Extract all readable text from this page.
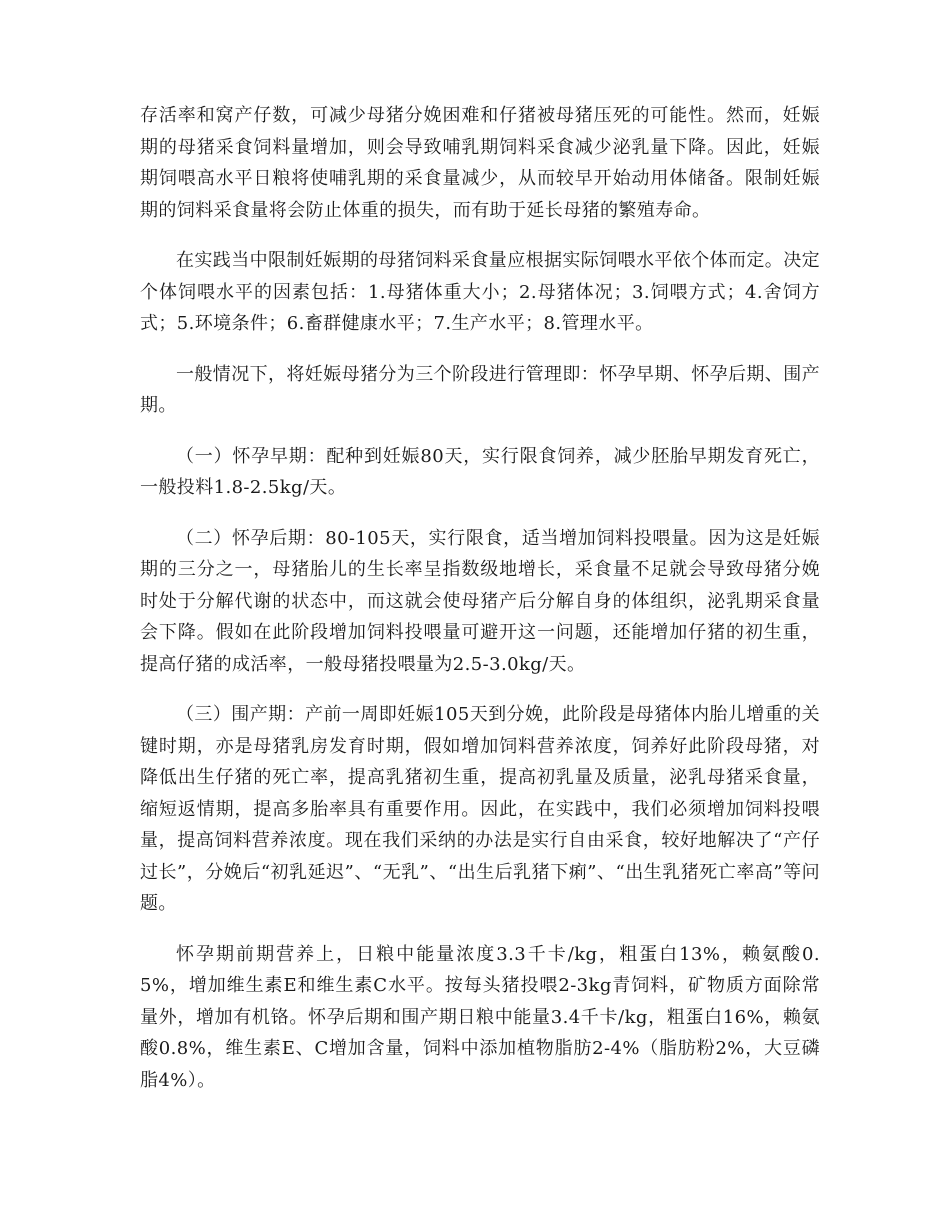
存活率和窝产仔数，可减少母猪分娩困难和仔猪被母猪压死的可能性。然而，妊娠期的母猪采食饲料量增加，则会导致哺乳期饲料采食减少泌乳量下降。因此，妊娠期饲喂高水平日粮将使哺乳期的采食量减少，从而较早开始动用体储备。限制妊娠期的饲料采食量将会防止体重的损失，而有助于延长母猪的繁殖寿命。

在实践当中限制妊娠期的母猪饲料采食量应根据实际饲喂水平依个体而定。决定个体饲喂水平的因素包括：1.母猪体重大小；2.母猪体况；3.饲喂方式；4.舍饲方式；5.环境条件；6.畜群健康水平；7.生产水平；8.管理水平。

一般情况下，将妊娠母猪分为三个阶段进行管理即：怀孕早期、怀孕后期、围产期。

（一）怀孕早期：配种到妊娠80天，实行限食饲养，减少胚胎早期发育死亡，一般投料1.8-2.5kg/天。

（二）怀孕后期：80-105天，实行限食，适当增加饲料投喂量。因为这是妊娠期的三分之一，母猪胎儿的生长率呈指数级地增长，采食量不足就会导致母猪分娩时处于分解代谢的状态中，而这就会使母猪产后分解自身的体组织，泌乳期采食量会下降。假如在此阶段增加饲料投喂量可避开这一问题，还能增加仔猪的初生重，提高仔猪的成活率，一般母猪投喂量为2.5-3.0kg/天。

（三）围产期：产前一周即妊娠105天到分娩，此阶段是母猪体内胎儿增重的关键时期，亦是母猪乳房发育时期，假如增加饲料营养浓度，饲养好此阶段母猪，对降低出生仔猪的死亡率，提高乳猪初生重，提高初乳量及质量，泌乳母猪采食量，缩短返情期，提高多胎率具有重要作用。因此，在实践中，我们必须增加饲料投喂量，提高饲料营养浓度。现在我们采纳的办法是实行自由采食，较好地解决了“产仔过长”，分娩后“初乳延迟”、“无乳”、“出生后乳猪下痢”、“出生乳猪死亡率高”等问题。

怀孕期前期营养上，日粮中能量浓度3.3千卡/kg，粗蛋白13%，赖氨酸0.5%，增加维生素E和维生素C水平。按每头猪投喂2-3kg青饲料，矿物质方面除常量外，增加有机铬。怀孕后期和围产期日粮中能量3.4千卡/kg，粗蛋白16%，赖氨酸0.8%，维生素E、C增加含量，饲料中添加植物脂肪2-4%（脂肪粉2%，大豆磷脂4%）。
